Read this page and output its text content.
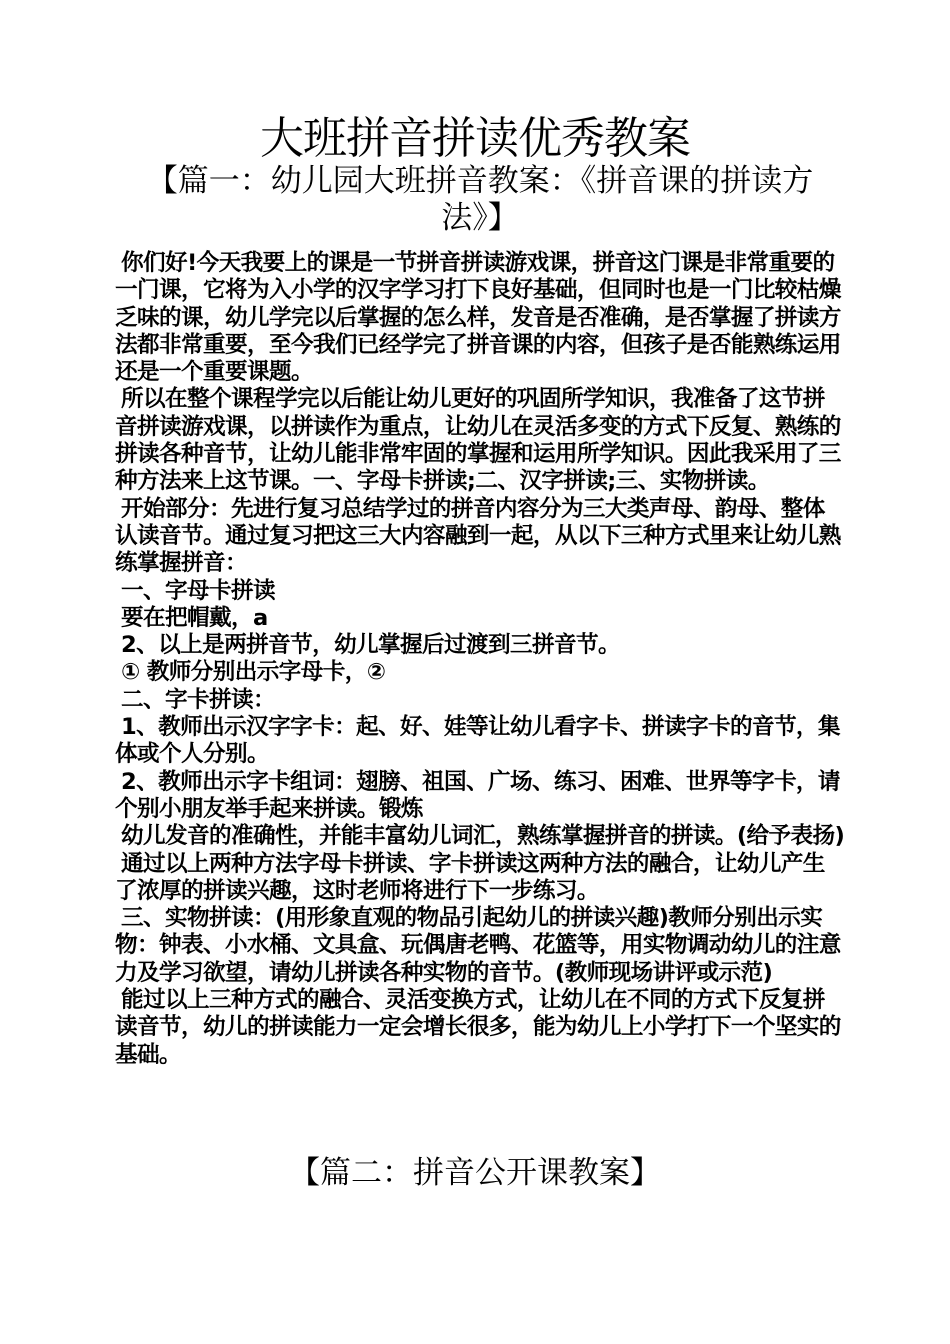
大班拼音拼读优秀教案
【篇一：幼儿园大班拼音教案：《拼音课的拼读方法》】

你们好!今天我要上的课是一节拼音拼读游戏课，拼音这门课是非常重要的一门课，它将为入小学的汉字学习打下良好基础，但同时也是一门比较枯燥乏味的课，幼儿学完以后掌握的怎么样，发音是否准确，是否掌握了拼读方法都非常重要，至今我们已经学完了拼音课的内容，但孩子是否能熟练运用还是一个重要课题。

所以在整个课程学完以后能让幼儿更好的巩固所学知识，我准备了这节拼音拼读游戏课，以拼读作为重点，让幼儿在灵活多变的方式下反复、熟练的拼读各种音节，让幼儿能非常牢固的掌握和运用所学知识。因此我采用了三种方法来上这节课。一、字母卡拼读;二、汉字拼读;三、实物拼读。

开始部分：先进行复习总结学过的拼音内容分为三大类声母、韵母、整体认读音节。通过复习把这三大内容融到一起，从以下三种方式里来让幼儿熟练掌握拼音：

一、字母卡拼读

要在把帽戴，a

2、以上是两拼音节，幼儿掌握后过渡到三拼音节。

① 教师分别出示字母卡，②

二、字卡拼读：

1、教师出示汉字字卡：起、好、娃等让幼儿看字卡、拼读字卡的音节，集体或个人分别。

2、教师出示字卡组词：翅膀、祖国、广场、练习、困难、世界等字卡，请个别小朋友举手起来拼读。锻炼

幼儿发音的准确性，并能丰富幼儿词汇，熟练掌握拼音的拼读。(给予表扬)

通过以上两种方法字母卡拼读、字卡拼读这两种方法的融合，让幼儿产生了浓厚的拼读兴趣，这时老师将进行下一步练习。

三、实物拼读：(用形象直观的物品引起幼儿的拼读兴趣)教师分别出示实物：钟表、小水桶、文具盒、玩偶唐老鸭、花篮等，用实物调动幼儿的注意力及学习欲望，请幼儿拼读各种实物的音节。(教师现场讲评或示范)

能过以上三种方式的融合、灵活变换方式，让幼儿在不同的方式下反复拼读音节，幼儿的拼读能力一定会增长很多，能为幼儿上小学打下一个坚实的基础。

【篇二：拼音公开课教案】
